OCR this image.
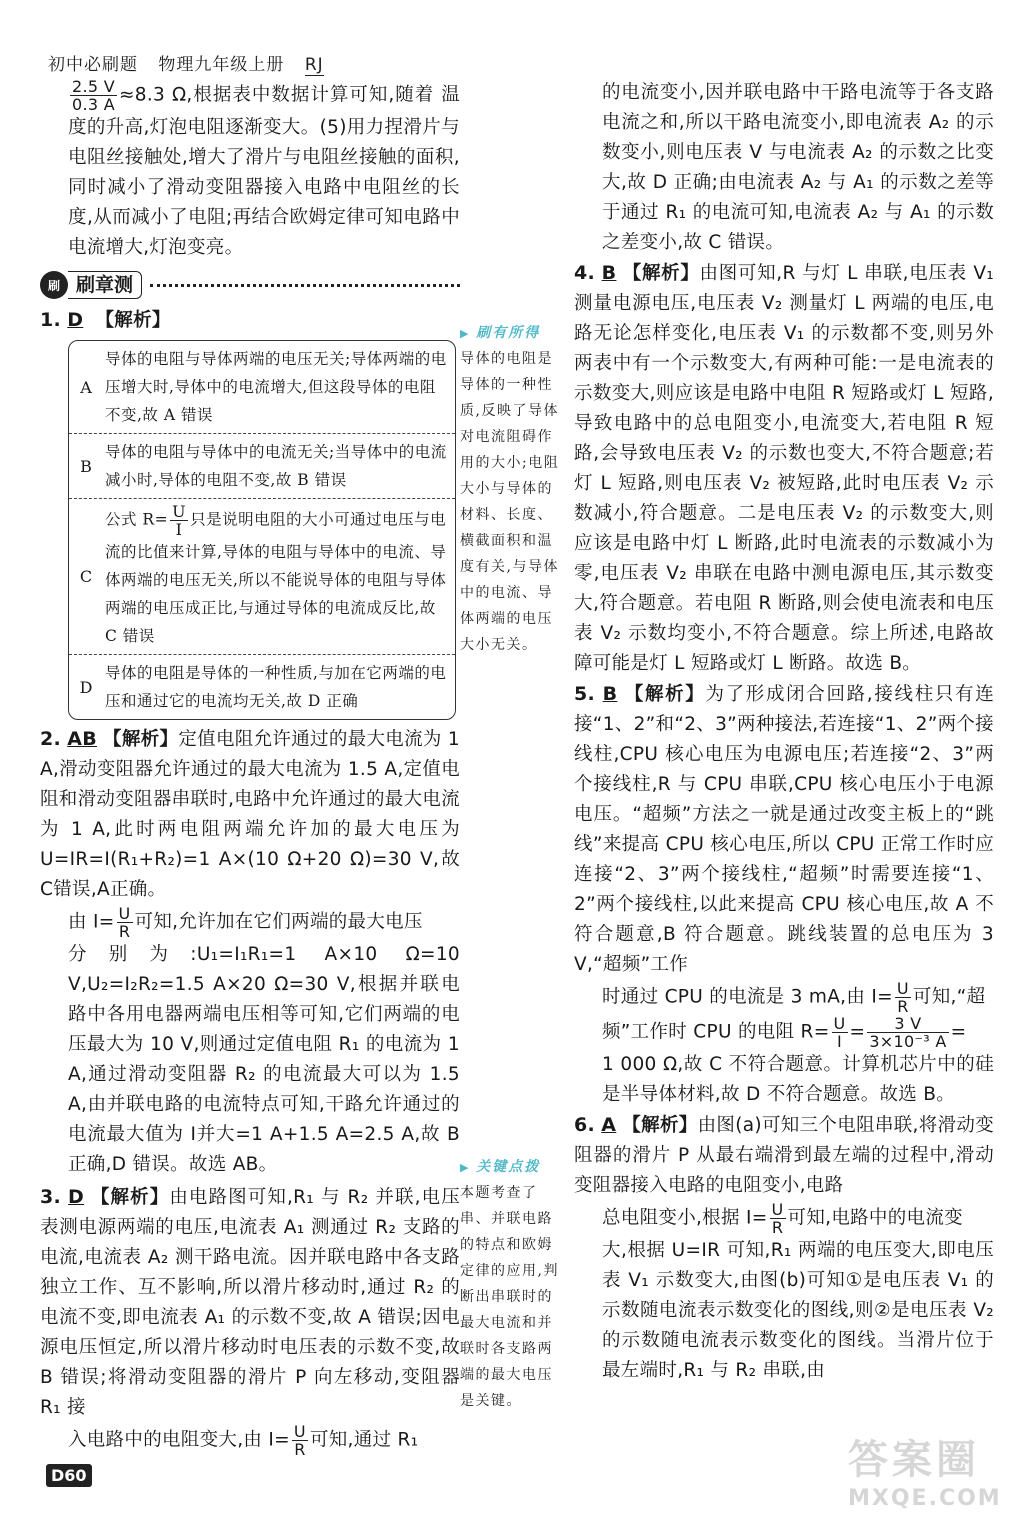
初中必刷题 物理九年级上册 RJ

$\frac{2.5 V}{0.3 A} \approx 8.3$ Ω,根据表中数据计算可知,随着 温度的升高,灯泡电阻逐渐变大。(5)用力捏滑片与电阻丝接触处,增大了滑片与电阻丝接触的面积,同时减小了滑动变阻器接入电路中电阻丝的长度,从而减小了电阻;再结合欧姆定律可知电路中电流增大,灯泡变亮。

刷 刷章测

1. D 【解析】

A
导体的电阻与导体两端的电压无关;导体两端的电压增大时,导体中的电流增大,但这段导体的电阻不变,故 A 错误
B
导体的电阻与导体中的电流无关;当导体中的电流减小时,导体的电阻不变,故 B 错误
C
公式 $R= \frac{U}{I}$ 只是说明电阻的大小可通过电压与电流的比值来计算,导体的电阻与导体中的电流、导体两端的电压无关,所以不能说导体的电阻与导体两端的电压成正比,与通过导体的电流成反比,故 C 错误
D
导体的电阻是导体的一种性质,与加在它两端的电压和通过它的电流均无关,故 D 正确

2. AB 【解析】定值电阻允许通过的最大电流为 1 A,滑动变阻器允许通过的最大电流为 1.5 A,定值电阻和滑动变阻器串联时,电路中允许通过的最大电流为 1 A,此时两电阻两端允许加的最大电压为 U=IR=I(R₁+R₂)=1 A×(10 Ω+20 Ω)=30 V,故C错误,A正确。

由 $I= \frac{U}{R}$ 可知,允许加在它们两端的最大电压

分别为:U₁=I₁R₁=1 A×10 Ω=10 V,U₂=I₂R₂=1.5 A×20 Ω=30 V,根据并联电路中各用电器两端电压相等可知,它们两端的电压最大为 10 V,则通过定值电阻 R₁ 的电流为 1 A,通过滑动变阻器 R₂ 的电流最大可以为 1.5 A,由并联电路的电流特点可知,干路允许通过的电流最大值为 I并大=1 A+1.5 A=2.5 A,故 B 正确,D 错误。故选 AB。

3. D 【解析】由电路图可知,R₁ 与 R₂ 并联,电压表测电源两端的电压,电流表 A₁ 测通过 R₂ 支路的电流,电流表 A₂ 测干路电流。因并联电路中各支路独立工作、互不影响,所以滑片移动时,通过 R₂ 的电流不变,即电流表 A₁ 的示数不变,故 A 错误;因电源电压恒定,所以滑片移动时电压表的示数不变,故 B 错误;将滑动变阻器的滑片 P 向左移动,变阻器 R₁ 接

入电路中的电阻变大,由 $I= \frac{U}{R}$ 可知,通过 R₁

▶ 刷有所得
导体的电阻是导体的一种性质,反映了导体对电流阻碍作用的大小;电阻大小与导体的材料、长度、横截面积和温度有关,与导体中的电流、导体两端的电压大小无关。
▶ 关键点拨
本题考查了串、并联电路的特点和欧姆定律的应用,判断出串联时的最大电流和并联时各支路两端的最大电压是关键。

的电流变小,因并联电路中干路电流等于各支路电流之和,所以干路电流变小,即电流表 A₂ 的示数变小,则电压表 V 与电流表 A₂ 的示数之比变大,故 D 正确;由电流表 A₂ 与 A₁ 的示数之差等于通过 R₁ 的电流可知,电流表 A₂ 与 A₁ 的示数之差变小,故 C 错误。

4. B 【解析】由图可知,R 与灯 L 串联,电压表 V₁ 测量电源电压,电压表 V₂ 测量灯 L 两端的电压,电路无论怎样变化,电压表 V₁ 的示数都不变,则另外两表中有一个示数变大,有两种可能:一是电流表的示数变大,则应该是电路中电阻 R 短路或灯 L 短路,导致电路中的总电阻变小,电流变大,若电阻 R 短路,会导致电压表 V₂ 的示数也变大,不符合题意;若灯 L 短路,则电压表 V₂ 被短路,此时电压表 V₂ 示数减小,符合题意。二是电压表 V₂ 的示数变大,则应该是电路中灯 L 断路,此时电流表的示数减小为零,电压表 V₂ 串联在电路中测电源电压,其示数变大,符合题意。若电阻 R 断路,则会使电流表和电压表 V₂ 示数均变小,不符合题意。综上所述,电路故障可能是灯 L 短路或灯 L 断路。故选 B。

5. B 【解析】为了形成闭合回路,接线柱只有连接“1、2”和“2、3”两种接法,若连接“1、2”两个接线柱,CPU 核心电压为电源电压;若连接“2、3”两个接线柱,R 与 CPU 串联,CPU 核心电压小于电源电压。“超频”方法之一就是通过改变主板上的“跳线”来提高 CPU 核心电压,所以 CPU 正常工作时应连接“2、3”两个接线柱,“超频”时需要连接“1、2”两个接线柱,以此来提高 CPU 核心电压,故 A 不符合题意,B 符合题意。跳线装置的总电压为 3 V,“超频”工作

时通过 CPU 的电流是 3 mA,由 $I= \frac{U}{R}$ 可知,“超

频”工作时 CPU 的电阻 $R= \frac{U}{I} = \frac{3 V}{\text{3×10⁻³ A}}$ =

1 000 Ω,故 C 不符合题意。计算机芯片中的硅是半导体材料,故 D 不符合题意。故选 B。

6. A 【解析】由图(a)可知三个电阻串联,将滑动变阻器的滑片 P 从最右端滑到最左端的过程中,滑动变阻器接入电路的电阻变小,电路

总电阻变小,根据 $I= \frac{U}{R}$ 可知,电路中的电流变

大,根据 U=IR 可知,R₁ 两端的电压变大,即电压表 V₁ 示数变大,由图(b)可知①是电压表 V₁ 的示数随电流表示数变化的图线,则②是电压表 V₂ 的示数随电流表示数变化的图线。当滑片位于最左端时,R₁ 与 R₂ 串联,由

D60	答案圈
MXQE.COM
